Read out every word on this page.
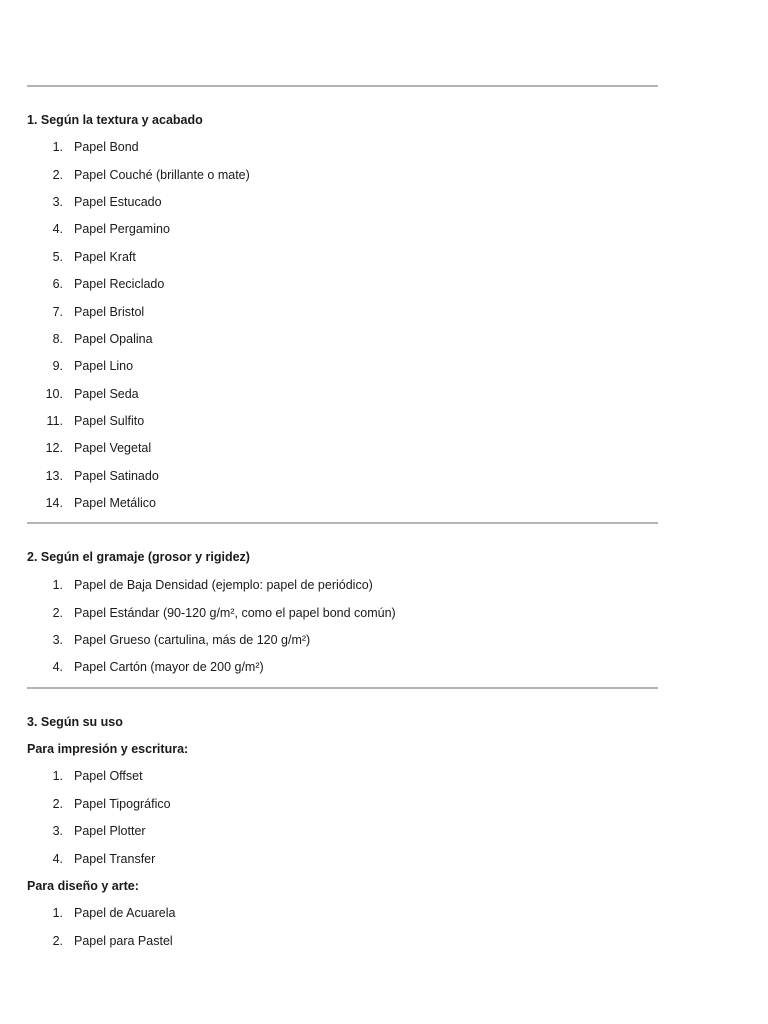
1. Según la textura y acabado
1. Papel Bond
2. Papel Couché (brillante o mate)
3. Papel Estucado
4. Papel Pergamino
5. Papel Kraft
6. Papel Reciclado
7. Papel Bristol
8. Papel Opalina
9. Papel Lino
10. Papel Seda
11. Papel Sulfito
12. Papel Vegetal
13. Papel Satinado
14. Papel Metálico
2. Según el gramaje (grosor y rigidez)
1. Papel de Baja Densidad (ejemplo: papel de periódico)
2. Papel Estándar (90-120 g/m², como el papel bond común)
3. Papel Grueso (cartulina, más de 120 g/m²)
4. Papel Cartón (mayor de 200 g/m²)
3. Según su uso
Para impresión y escritura:
1. Papel Offset
2. Papel Tipográfico
3. Papel Plotter
4. Papel Transfer
Para diseño y arte:
1. Papel de Acuarela
2. Papel para Pastel
